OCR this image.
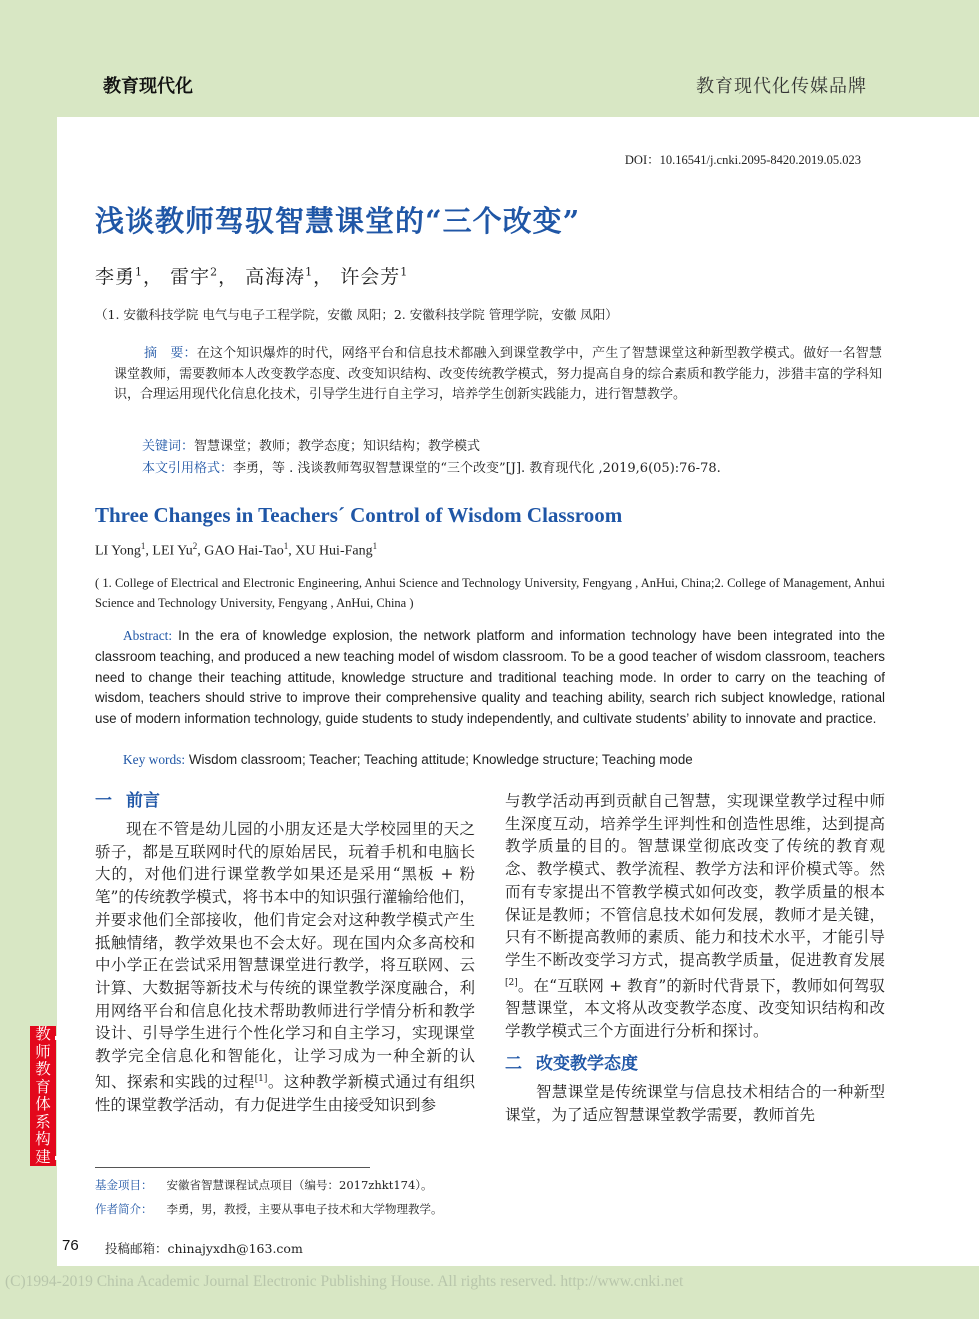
教育现代化	教育现代化传媒品牌
DOI：10.16541/j.cnki.2095-8420.2019.05.023
浅谈教师驾驭智慧课堂的“三个改变”
李勇$^1$， 雷宇$^2$， 高海涛$^1$， 许会芳$^1$
（1. 安徽科技学院 电气与电子工程学院，安徽 凤阳；2. 安徽科技学院 管理学院，安徽 凤阳）
摘　要：在这个知识爆炸的时代，网络平台和信息技术都融入到课堂教学中，产生了智慧课堂这种新型教学模式。做好一名智慧课堂教师，需要教师本人改变教学态度、改变知识结构、改变传统教学模式，努力提高自身的综合素质和教学能力，涉猎丰富的学科知识，合理运用现代化信息化技术，引导学生进行自主学习，培养学生创新实践能力，进行智慧教学。
关键词：智慧课堂；教师；教学态度；知识结构；教学模式
本文引用格式：李勇，等 . 浅谈教师驾驭智慧课堂的“三个改变”[J]. 教育现代化 ,2019,6(05):76-78.
Three Changes in Teachers´ Control of Wisdom Classroom
LI Yong$^1$, LEI Yu$^2$, GAO Hai-Tao$^1$, XU Hui-Fang$^1$
( 1. College of Electrical and Electronic Engineering, Anhui Science and Technology University, Fengyang , AnHui, China;2. College of Management, Anhui Science and Technology University, Fengyang , AnHui, China )
Abstract: In the era of knowledge explosion, the network platform and information technology have been integrated into the classroom teaching, and produced a new teaching model of wisdom classroom. To be a good teacher of wisdom classroom, teachers need to change their teaching attitude, knowledge structure and traditional teaching mode. In order to carry on the teaching of wisdom, teachers should strive to improve their comprehensive quality and teaching ability, search rich subject knowledge, rational use of modern information technology, guide students to study independently, and cultivate students’ ability to innovate and practice.
Key words: Wisdom classroom; Teacher; Teaching attitude; Knowledge structure; Teaching mode
一 前言

现在不管是幼儿园的小朋友还是大学校园里的天之骄子，都是互联网时代的原始居民，玩着手机和电脑长大的，对他们进行课堂教学如果还是采用“黑板 + 粉笔”的传统教学模式，将书本中的知识强行灌输给他们，并要求他们全部接收，他们肯定会对这种教学模式产生抵触情绪，教学效果也不会太好。现在国内众多高校和中小学正在尝试采用智慧课堂进行教学，将互联网、云计算、大数据等新技术与传统的课堂教学深度融合，利用网络平台和信息化技术帮助教师进行学情分析和教学设计、引导学生进行个性化学习和自主学习，实现课堂教学完全信息化和智能化，让学习成为一种全新的认知、探索和实践的过程[1]。这种教学新模式通过有组织性的课堂教学活动，有力促进学生由接受知识到参

与教学活动再到贡献自己智慧，实现课堂教学过程中师生深度互动，培养学生评判性和创造性思维，达到提高教学质量的目的。智慧课堂彻底改变了传统的教育观念、教学模式、教学流程、教学方法和评价模式等。然而有专家提出不管教学模式如何改变，教学质量的根本保证是教师；不管信息技术如何发展，教师才是关键，只有不断提高教师的素质、能力和技术水平，才能引导学生不断改变学习方式，提高教学质量，促进教育发展[2]。在“互联网 + 教育”的新时代背景下，教师如何驾驭智慧课堂，本文将从改变教学态度、改变知识结构和改学教学模式三个方面进行分析和探讨。

二 改变教学态度

智慧课堂是传统课堂与信息技术相结合的一种新型课堂，为了适应智慧课堂教学需要，教师首先

教
师
教
育
体
系
构
建
基金项目： 安徽省智慧课程试点项目（编号：2017zhkt174）。
作者简介： 李勇，男，教授，主要从事电子技术和大学物理教学。
76 投稿邮箱：chinajyxdh@163.com
(C)1994-2019 China Academic Journal Electronic Publishing House. All rights reserved. http://www.cnki.net
